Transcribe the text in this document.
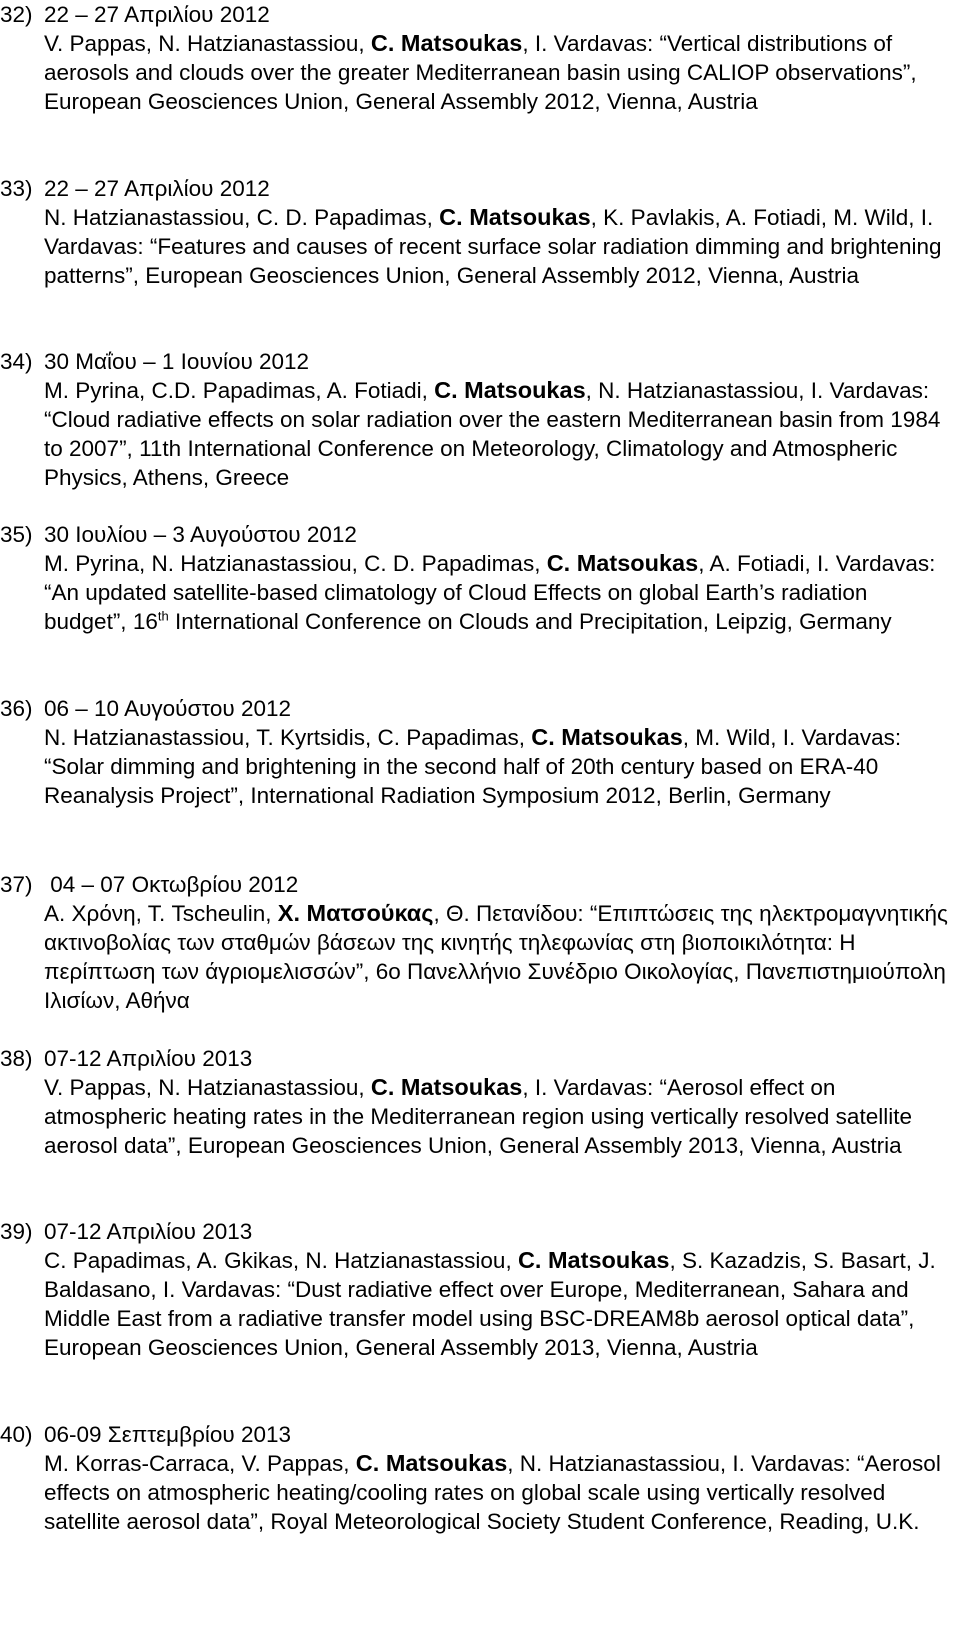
32) 22 – 27 Απριλίου 2012
V. Pappas, N. Hatzianastassiou, C. Matsoukas, I. Vardavas: “Vertical distributions of aerosols and clouds over the greater Mediterranean basin using CALIOP observations”, European Geosciences Union, General Assembly 2012, Vienna, Austria
33) 22 – 27 Απριλίου 2012
N. Hatzianastassiou, C. D. Papadimas, C. Matsoukas, K. Pavlakis, A. Fotiadi, M. Wild, I. Vardavas: “Features and causes of recent surface solar radiation dimming and brightening patterns”, European Geosciences Union, General Assembly 2012, Vienna, Austria
34) 30 Μαΐου – 1 Ιουνίου 2012
M. Pyrina, C.D. Papadimas, A. Fotiadi, C. Matsoukas, N. Hatzianastassiou, I. Vardavas: “Cloud radiative effects on solar radiation over the eastern Mediterranean basin from 1984 to 2007”, 11th International Conference on Meteorology, Climatology and Atmospheric Physics, Athens, Greece
35) 30 Ιουλίου – 3 Αυγούστου 2012
M. Pyrina, N. Hatzianastassiou, C. D. Papadimas, C. Matsoukas, A. Fotiadi, I. Vardavas: “An updated satellite-based climatology of Cloud Effects on global Earth’s radiation budget”, 16th International Conference on Clouds and Precipitation, Leipzig, Germany
36) 06 – 10 Αυγούστου 2012
N. Hatzianastassiou, T. Kyrtsidis, C. Papadimas, C. Matsoukas, M. Wild, I. Vardavas: “Solar dimming and brightening in the second half of 20th century based on ERA-40 Reanalysis Project”, International Radiation Symposium 2012, Berlin, Germany
37) 04 – 07 Οκτωβρίου 2012
Α. Χρόνη, Τ. Tscheulin, Χ. Ματσούκας, Θ. Πετανίδου: “Επιπτώσεις της ηλεκτρομαγνητικής ακτινοβολίας των σταθμών βάσεων της κινητής τηλεφωνίας στη βιοποικιλότητα: Η περίπτωση των άγριομελισσών”, 6ο Πανελλήνιο Συνέδριο Οικολογίας, Πανεπιστημιούπολη Ιλισίων, Αθήνα
38) 07-12 Απριλίου 2013
V. Pappas, N. Hatzianastassiou, C. Matsoukas, I. Vardavas: “Aerosol effect on atmospheric heating rates in the Mediterranean region using vertically resolved satellite aerosol data”, European Geosciences Union, General Assembly 2013, Vienna, Austria
39) 07-12 Απριλίου 2013
C. Papadimas, A. Gkikas, N. Hatzianastassiou, C. Matsoukas, S. Kazadzis, S. Basart, J. Baldasano, I. Vardavas: “Dust radiative effect over Europe, Mediterranean, Sahara and Middle East from a radiative transfer model using BSC-DREAM8b aerosol optical data”, European Geosciences Union, General Assembly 2013, Vienna, Austria
40) 06-09 Σεπτεμβρίου 2013
M. Korras-Carraca, V. Pappas, C. Matsoukas, N. Hatzianastassiou, I. Vardavas: “Aerosol effects on atmospheric heating/cooling rates on global scale using vertically resolved satellite aerosol data”, Royal Meteorological Society Student Conference, Reading, U.K.
